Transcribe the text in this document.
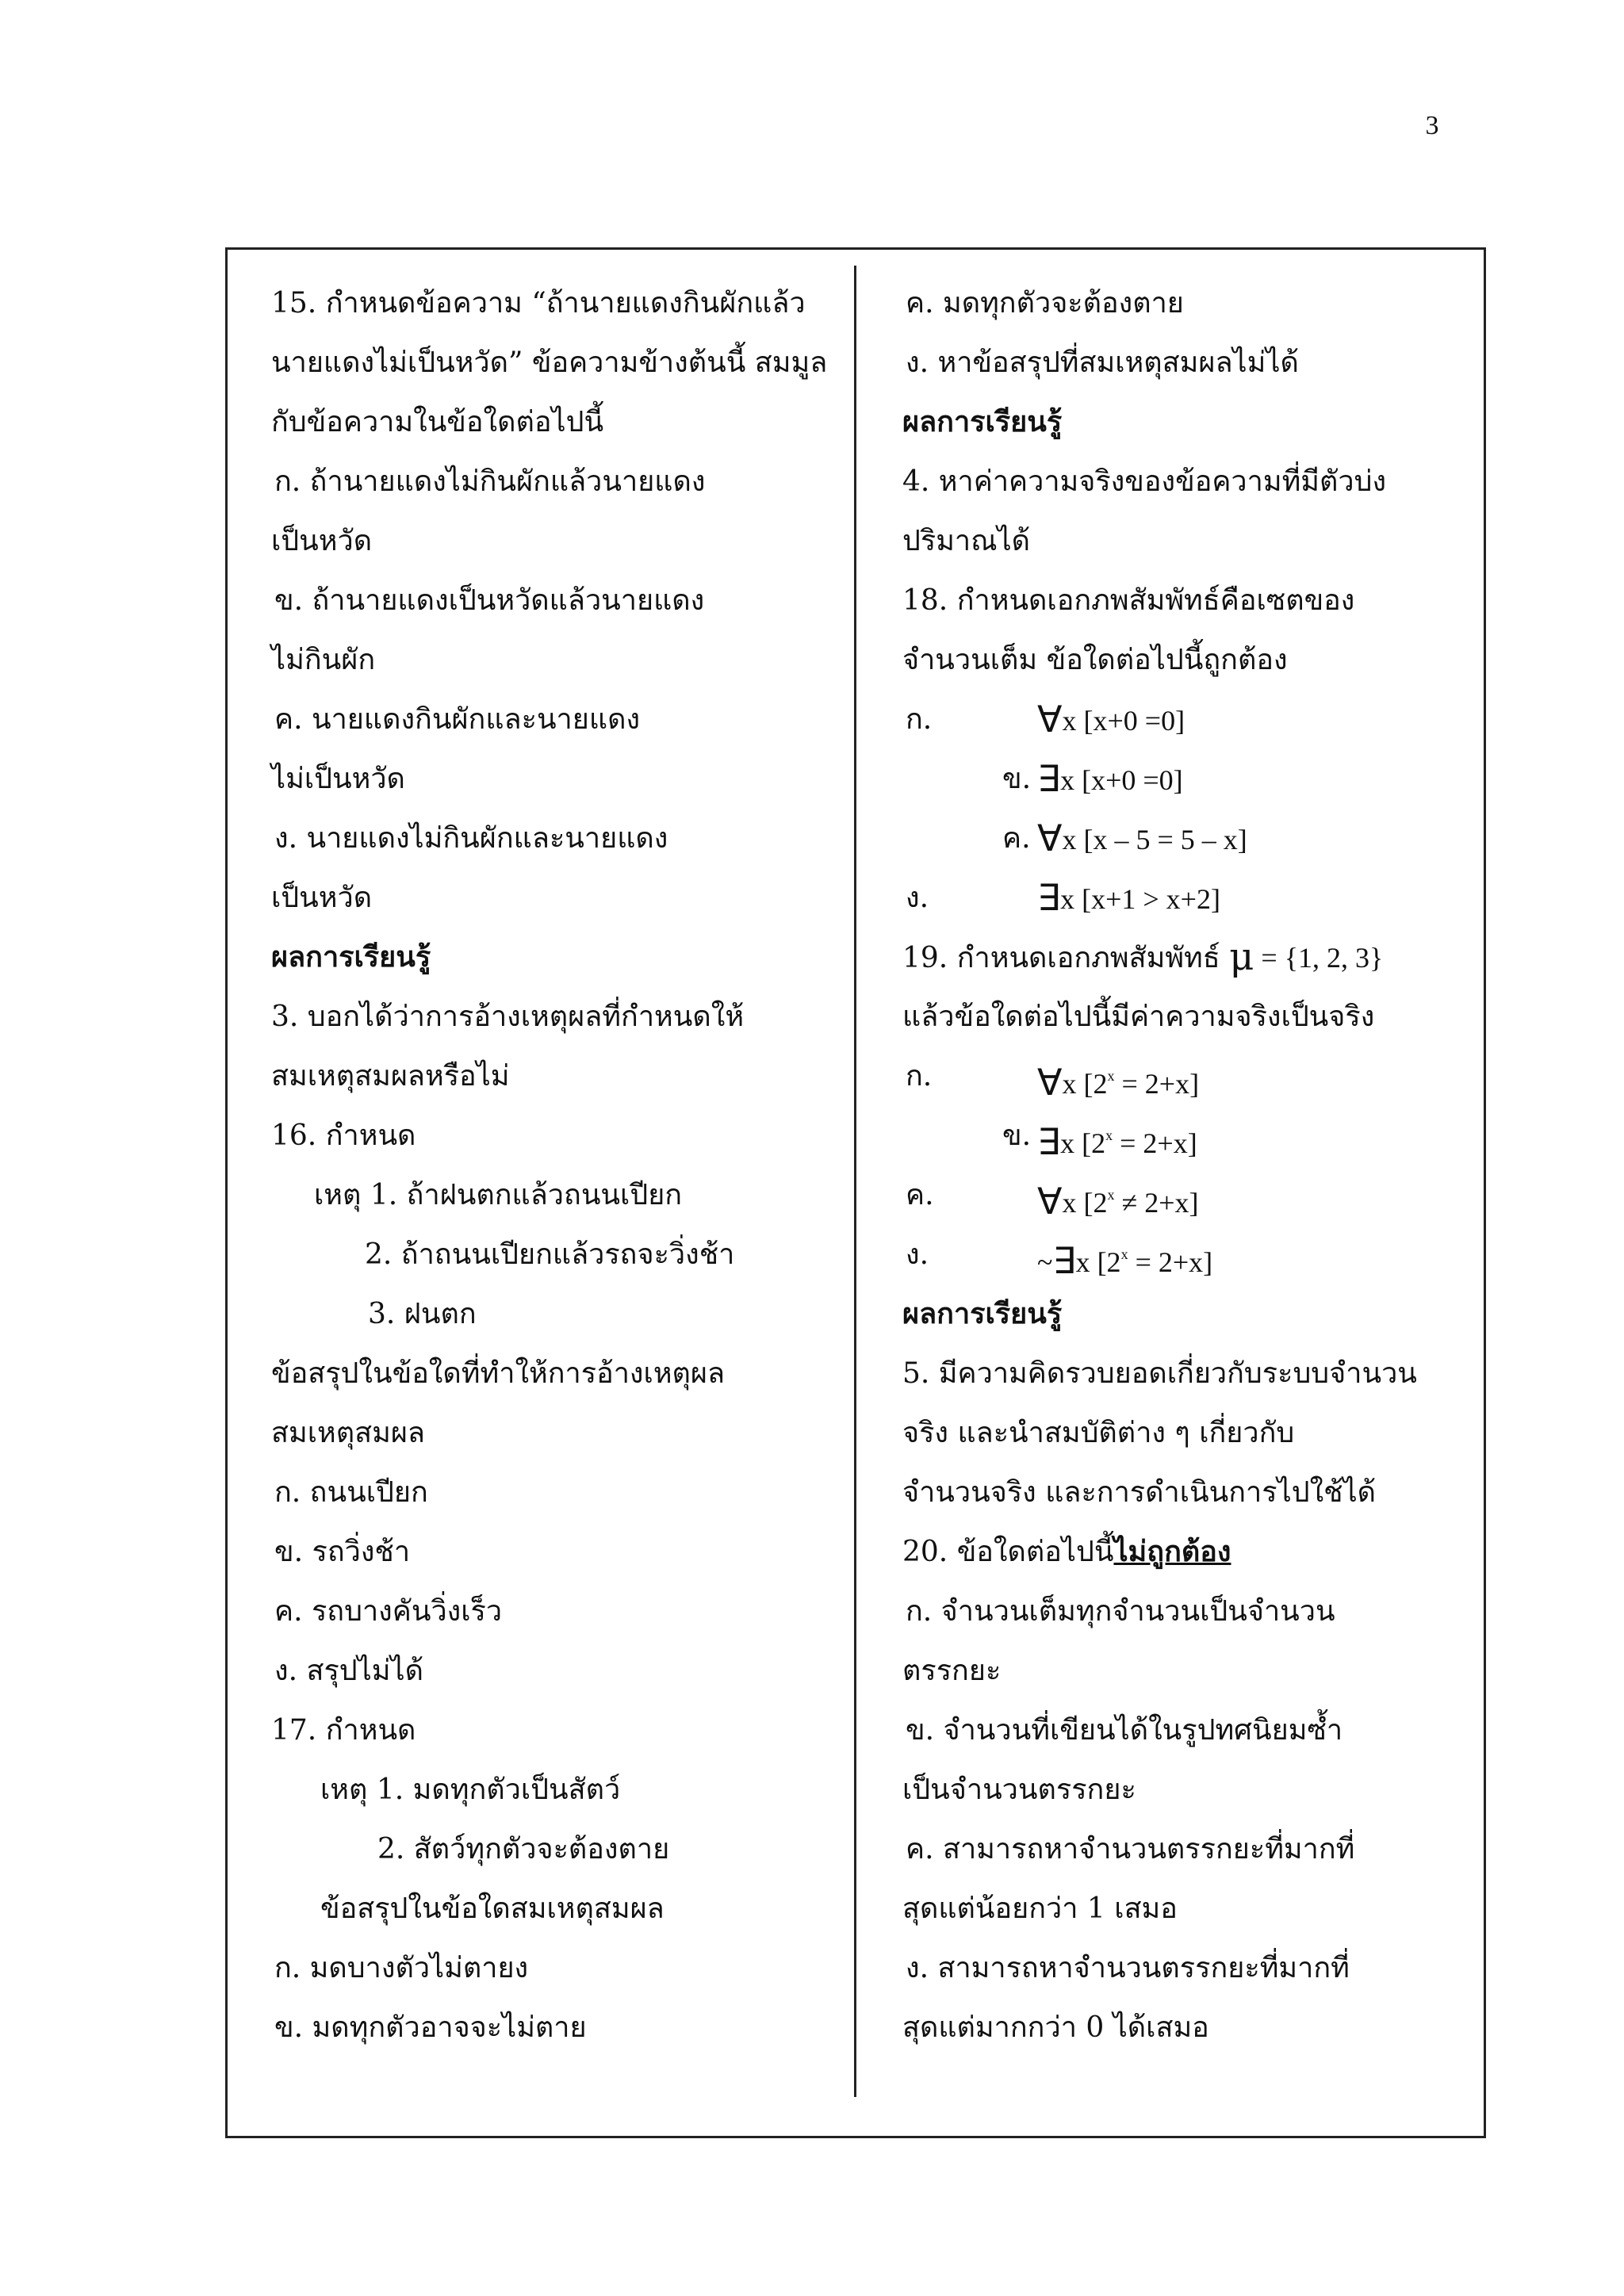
3
15. กำหนดข้อความ “ถ้านายแดงกินผักแล้ว
นายแดงไม่เป็นหวัด” ข้อความข้างต้นนี้ สมมูล
กับข้อความในข้อใดต่อไปนี้
ก. ถ้านายแดงไม่กินผักแล้วนายแดง
เป็นหวัด
ข. ถ้านายแดงเป็นหวัดแล้วนายแดง
ไม่กินผัก
ค. นายแดงกินผักและนายแดง
ไม่เป็นหวัด
ง. นายแดงไม่กินผักและนายแดง
เป็นหวัด
ผลการเรียนรู้
3. บอกได้ว่าการอ้างเหตุผลที่กำหนดให้
สมเหตุสมผลหรือไม่
16. กำหนด
เหตุ 1. ถ้าฝนตกแล้วถนนเปียก
2. ถ้าถนนเปียกแล้วรถจะวิ่งช้า
3. ฝนตก
ข้อสรุปในข้อใดที่ทำให้การอ้างเหตุผล
สมเหตุสมผล
ก. ถนนเปียก
ข. รถวิ่งช้า
ค. รถบางคันวิ่งเร็ว
ง. สรุปไม่ได้
17. กำหนด
เหตุ 1. มดทุกตัวเป็นสัตว์
2. สัตว์ทุกตัวจะต้องตาย
ข้อสรุปในข้อใดสมเหตุสมผล
ก. มดบางตัวไม่ตายง
ข. มดทุกตัวอาจจะไม่ตาย
ค. มดทุกตัวจะต้องตาย
ง. หาข้อสรุปที่สมเหตุสมผลไม่ได้
ผลการเรียนรู้
4. หาค่าความจริงของข้อความที่มีตัวบ่ง
ปริมาณได้
18. กำหนดเอกภพสัมพัทธ์คือเซตของ
จำนวนเต็ม ข้อใดต่อไปนี้ถูกต้อง
ก.	∀x [x+0 =0]
ข. ∃x [x+0 =0]
ค. ∀x [x – 5 = 5 – x]
ง.	∃x [x+1 > x+2]
19. กำหนดเอกภพสัมพัทธ์ μ = {1, 2, 3}
แล้วข้อใดต่อไปนี้มีค่าความจริงเป็นจริง
ก.	∀x $[2^x = 2+x]$
ข. ∃x $[2^x = 2+x]$
ค.	∀x $[2^x \ne 2+x]$
ง.	~∃x $[2^x = 2+x]$
ผลการเรียนรู้
5. มีความคิดรวบยอดเกี่ยวกับระบบจำนวน
จริง และนำสมบัติต่าง ๆ เกี่ยวกับ
จำนวนจริง และการดำเนินการไปใช้ได้
20. ข้อใดต่อไปนี้ไม่ถูกต้อง
ก. จำนวนเต็มทุกจำนวนเป็นจำนวน
ตรรกยะ
ข. จำนวนที่เขียนได้ในรูปทศนิยมซ้ำ
เป็นจำนวนตรรกยะ
ค. สามารถหาจำนวนตรรกยะที่มากที่
สุดแต่น้อยกว่า 1 เสมอ
ง. สามารถหาจำนวนตรรกยะที่มากที่
สุดแต่มากกว่า 0 ได้เสมอ
